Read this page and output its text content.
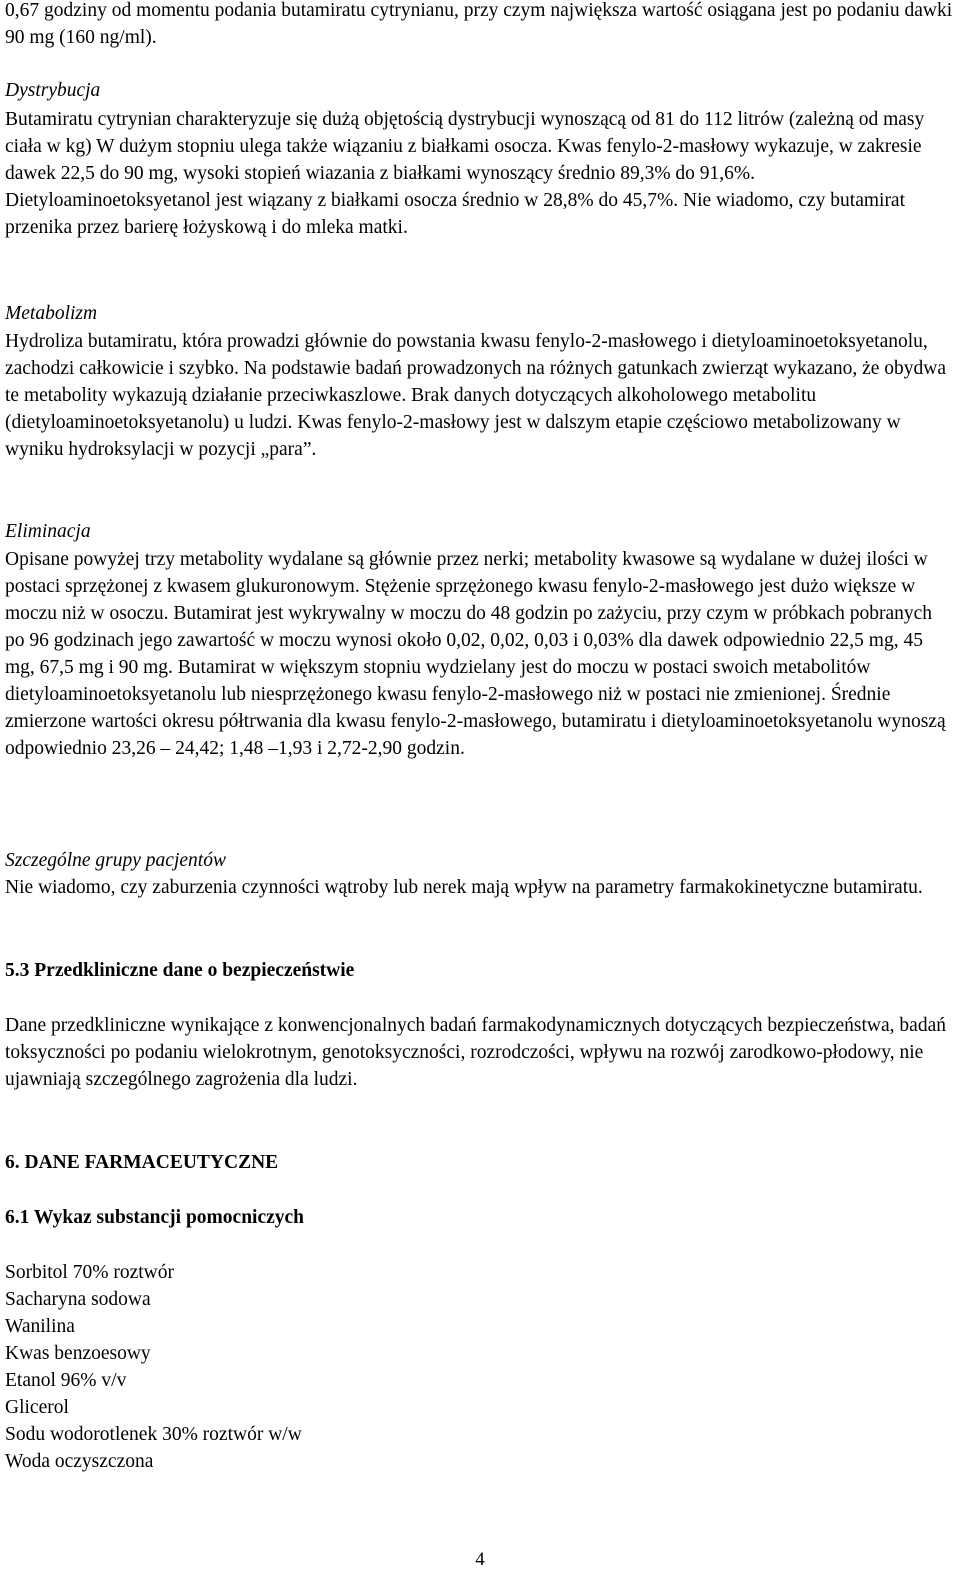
0,67 godziny od momentu podania butamiratu cytrynianu, przy czym największa wartość osiągana jest po podaniu dawki 90 mg (160 ng/ml).

Dystrybucja

Butamiratu cytrynian charakteryzuje się dużą objętością dystrybucji wynoszącą od 81 do 112 litrów (zależną od masy ciała w kg) W dużym stopniu ulega także wiązaniu z białkami osocza. Kwas fenylo-2-masłowy wykazuje, w zakresie dawek 22,5 do 90 mg, wysoki stopień wiazania z białkami wynoszący średnio 89,3% do 91,6%. Dietyloaminoetoksyetanol jest wiązany z białkami osocza średnio w 28,8% do 45,7%. Nie wiadomo, czy butamirat przenika przez barierę łożyskową i do mleka matki.

Metabolizm

Hydroliza butamiratu, która prowadzi głównie do powstania kwasu fenylo-2-masłowego i dietyloaminoetoksyetanolu, zachodzi całkowicie i szybko. Na podstawie badań prowadzonych na różnych gatunkach zwierząt wykazano, że obydwa te metabolity wykazują działanie przeciwkaszlowe. Brak danych dotyczących alkoholowego metabolitu (dietyloaminoetoksyetanolu) u ludzi. Kwas fenylo-2-masłowy jest w dalszym etapie częściowo metabolizowany w wyniku hydroksylacji w pozycji „para”.

Eliminacja

Opisane powyżej trzy metabolity wydalane są głównie przez nerki; metabolity kwasowe są wydalane w dużej ilości w postaci sprzężonej z kwasem glukuronowym. Stężenie sprzężonego kwasu fenylo-2-masłowego jest dużo większe w moczu niż w osoczu. Butamirat jest wykrywalny w moczu do 48 godzin po zażyciu, przy czym w próbkach pobranych po 96 godzinach jego zawartość w moczu wynosi około 0,02, 0,02, 0,03 i 0,03% dla dawek odpowiednio 22,5 mg, 45 mg, 67,5 mg i 90 mg. Butamirat w większym stopniu wydzielany jest do moczu w postaci swoich metabolitów dietyloaminoetoksyetanolu lub niesprzężonego kwasu fenylo-2-masłowego niż w postaci nie zmienionej. Średnie zmierzone wartości okresu półtrwania dla kwasu fenylo-2-masłowego, butamiratu i dietyloaminoetoksyetanolu wynoszą odpowiednio 23,26 – 24,42; 1,48 –1,93 i 2,72-2,90 godzin.

Szczególne grupy pacjentów

Nie wiadomo, czy zaburzenia czynności wątroby lub nerek mają wpływ na parametry farmakokinetyczne butamiratu.

5.3 Przedkliniczne dane o bezpieczeństwie

Dane przedkliniczne wynikające z konwencjonalnych badań farmakodynamicznych dotyczących bezpieczeństwa, badań toksyczności po podaniu wielokrotnym, genotoksyczności, rozrodczości, wpływu na rozwój zarodkowo-płodowy, nie ujawniają szczególnego zagrożenia dla ludzi.

6. DANE FARMACEUTYCZNE
6.1 Wykaz substancji pomocniczych
Sorbitol 70% roztwór
Sacharyna sodowa
Wanilina
Kwas benzoesowy
Etanol 96% v/v
Glicerol
Sodu wodorotlenek 30% roztwór w/w
Woda oczyszczona
4
